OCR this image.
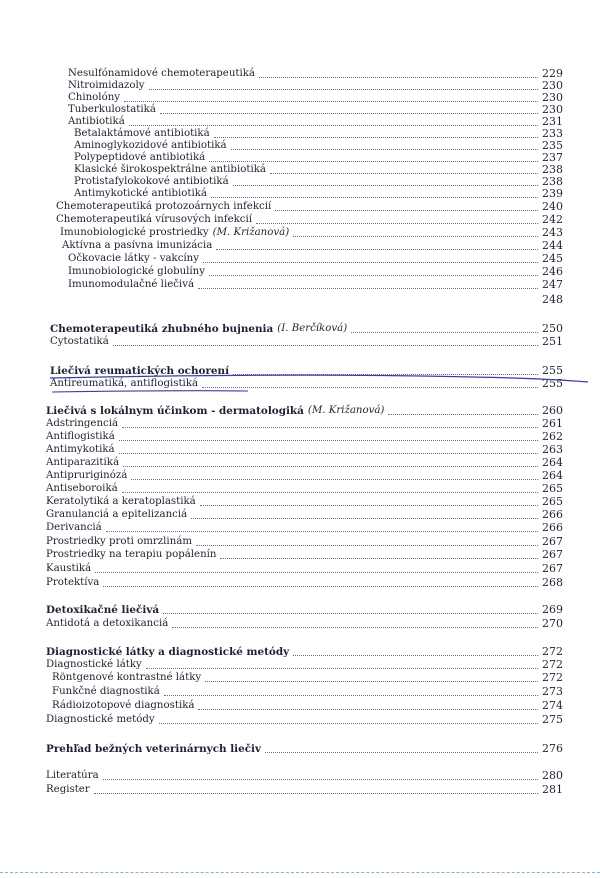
Nesulfónamidové chemoterapeutiká	229
Nitroimidazoly	230
Chinolóny	230
Tuberkulostatiká	230
Antibiotiká	231
Betalaktámové antibiotiká	233
Aminoglykozidové antibiotiká	235
Polypeptidové antibiotiká	237
Klasické širokospektrálne antibiotiká	238
Protistafylokokové antibiotiká	238
Antimykotické antibiotiká	239
Chemoterapeutiká protozoárnych infekcií	240
Chemoterapeutiká vírusových infekcií	242
Imunobiologické prostriedky (M. Križanová)	243
Aktívna a pasívna imunizácia	244
Očkovacie látky - vakcíny	245
Imunobiologické globulíny	246
Imunomodulačné liečivá	247
248
Chemoterapeutiká zhubného bujnenia (I. Berčíková)	250
Cytostatiká	251
Liečivá reumatických ochorení	255
Antireumatiká, antiflogistiká	255
Liečivá s lokálnym účinkom - dermatologiká (M. Križanová)	260
Adstringenciá	261
Antiflogistiká	262
Antimykotiká	263
Antiparazitiká	264
Antipruriginózá	264
Antiseboroiká	265
Keratolytiká a keratoplastiká	265
Granulanciá a epitelizanciá	266
Derivanciá	266
Prostriedky proti omrzlinám	267
Prostriedky na terapiu popálenín	267
Kaustiká	267
Protektíva	268
Detoxikačné liečivá	269
Antidotá a detoxikanciá	270
Diagnostické látky a diagnostické metódy	272
Diagnostické látky	272
Röntgenové kontrastné látky	272
Funkčné diagnostiká	273
Rádioizotopové diagnostiká	274
Diagnostické metódy	275
Prehľad bežných veterinárnych liečiv	276
Literatúra	280
Register	281
